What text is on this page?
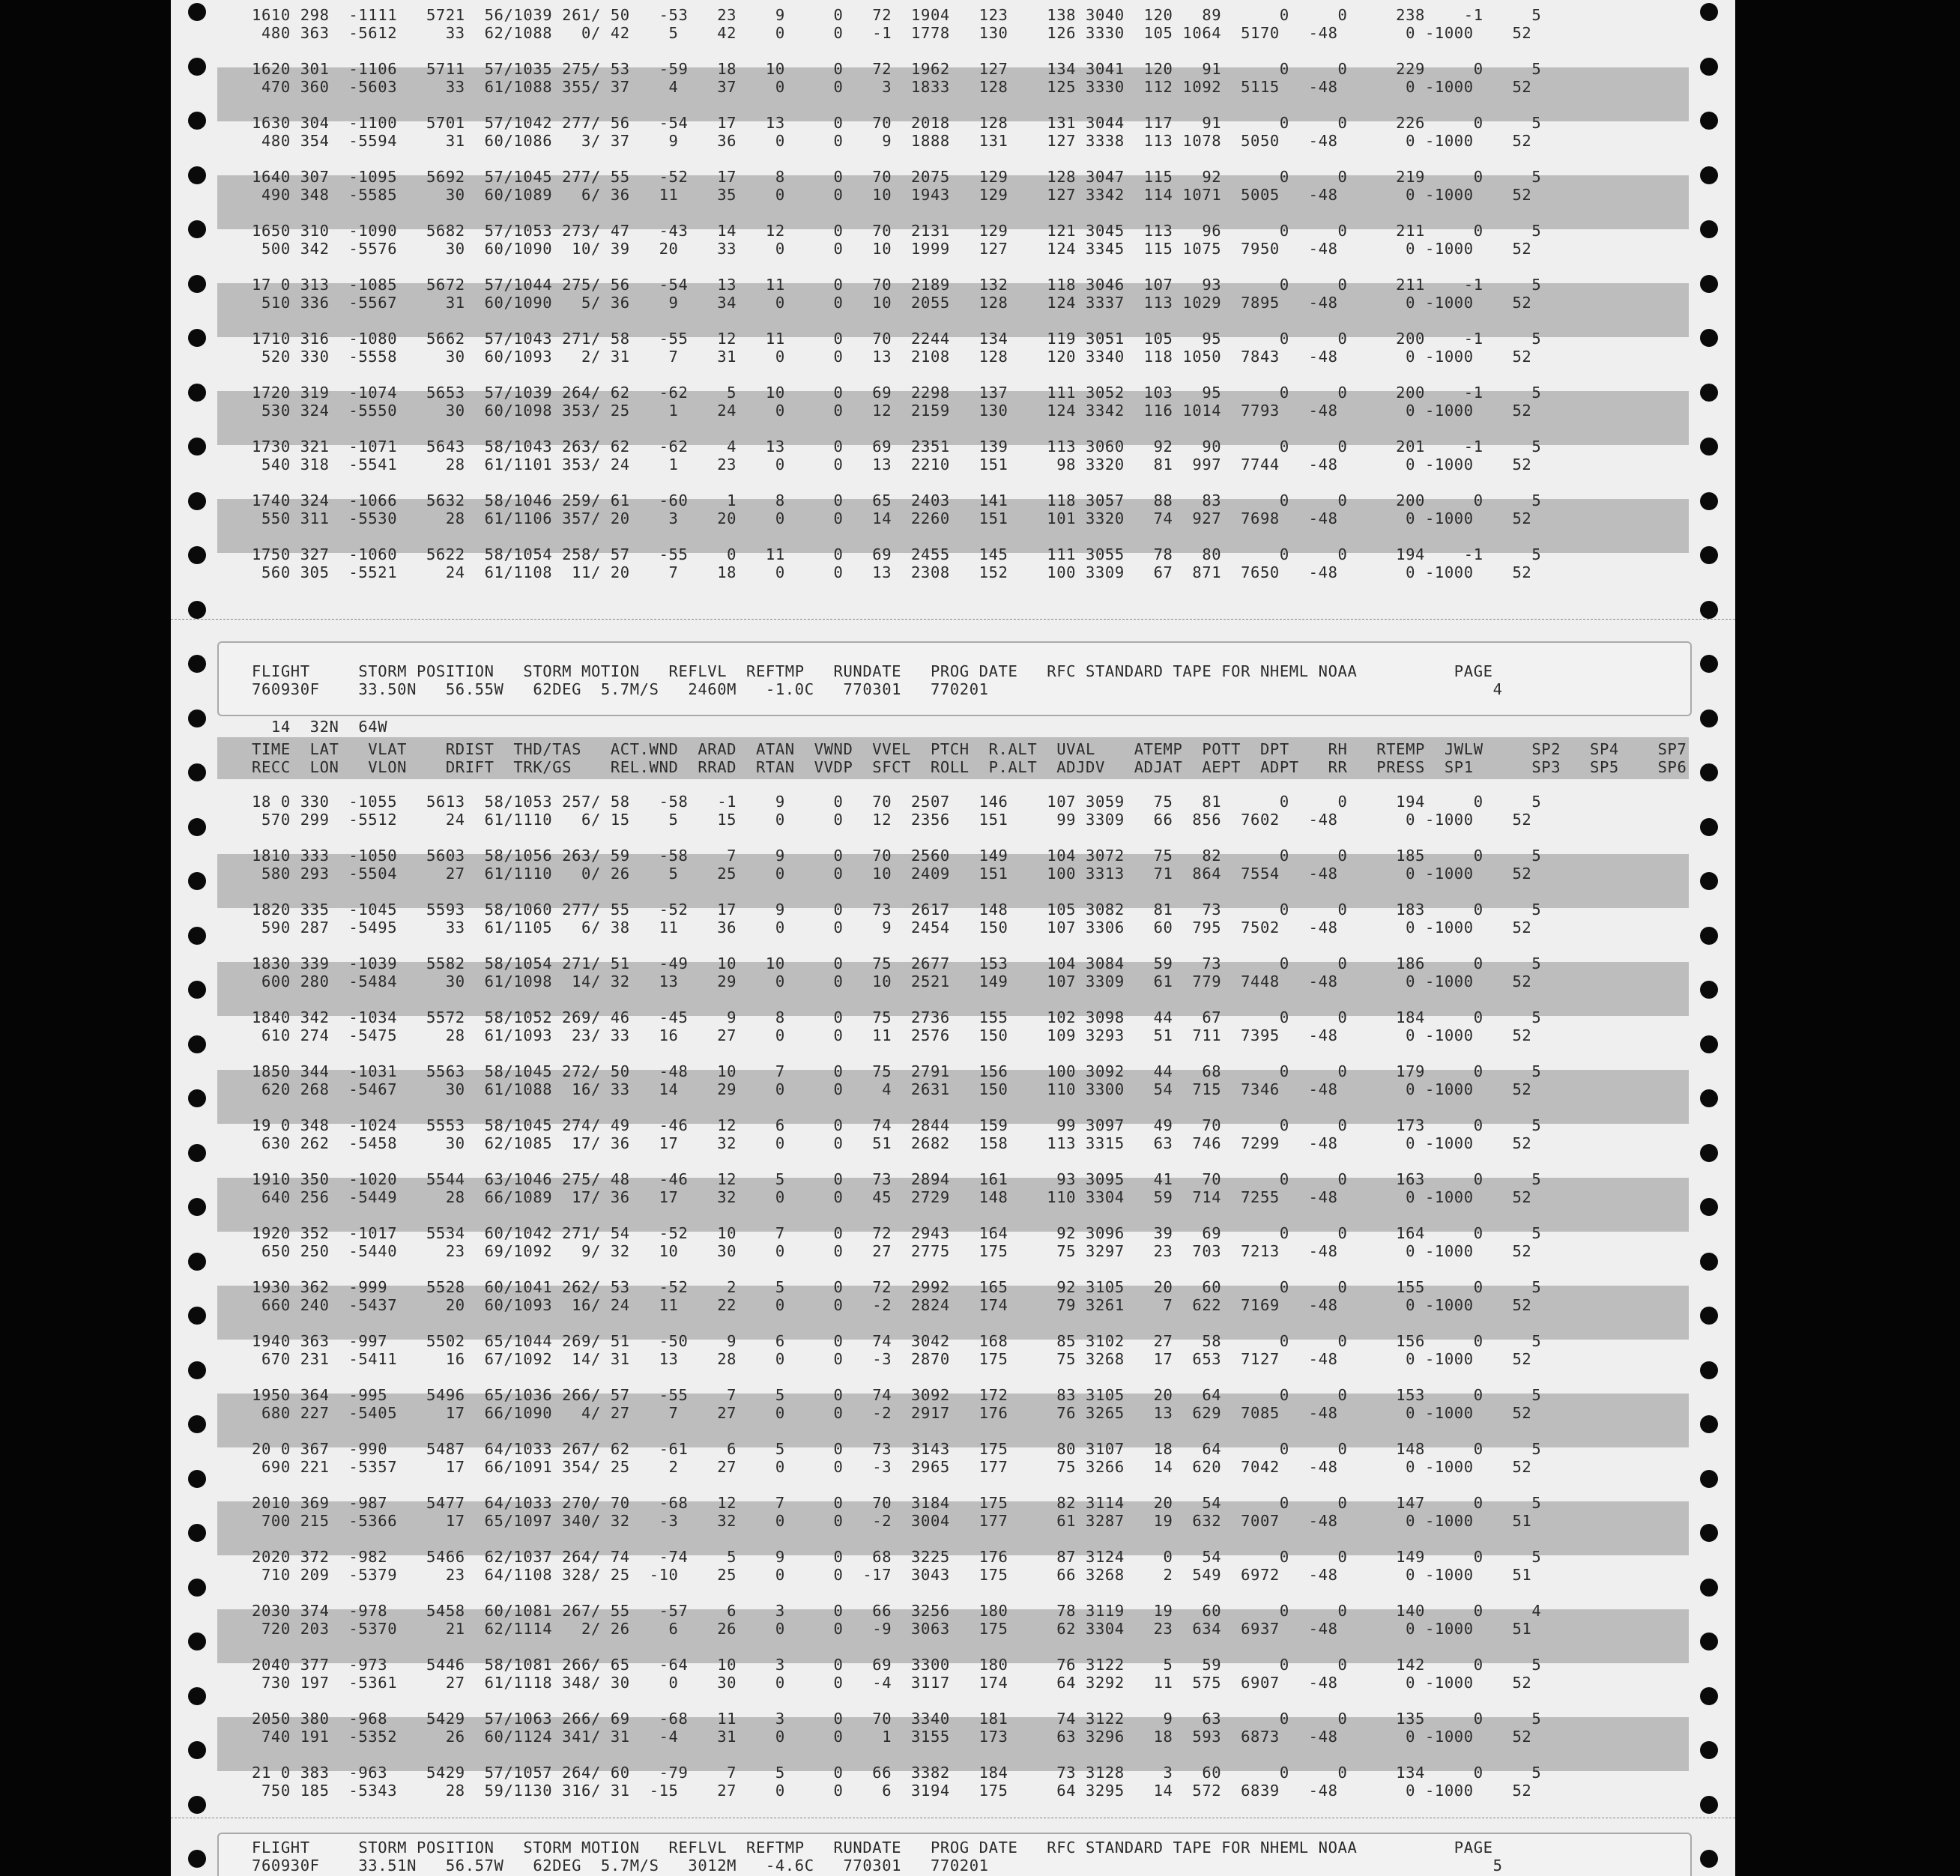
1610 298  -1111   5721  56/1039 261/ 50   -53   23    9     0   72  1904   123    138 3040  120   89      0     0     238    -1     5
480 363  -5612     33  62/1088   0/ 42    5    42    0     0   -1  1778   130    126 3330  105 1064  5170   -48       0 -1000    52
1620 301  -1106   5711  57/1035 275/ 53   -59   18   10     0   72  1962   127    134 3041  120   91      0     0     229     0     5
470 360  -5603     33  61/1088 355/ 37    4    37    0     0    3  1833   128    125 3330  112 1092  5115   -48       0 -1000    52
1630 304  -1100   5701  57/1042 277/ 56   -54   17   13     0   70  2018   128    131 3044  117   91      0     0     226     0     5
480 354  -5594     31  60/1086   3/ 37    9    36    0     0    9  1888   131    127 3338  113 1078  5050   -48       0 -1000    52
1640 307  -1095   5692  57/1045 277/ 55   -52   17    8     0   70  2075   129    128 3047  115   92      0     0     219     0     5
490 348  -5585     30  60/1089   6/ 36   11    35    0     0   10  1943   129    127 3342  114 1071  5005   -48       0 -1000    52
1650 310  -1090   5682  57/1053 273/ 47   -43   14   12     0   70  2131   129    121 3045  113   96      0     0     211     0     5
500 342  -5576     30  60/1090  10/ 39   20    33    0     0   10  1999   127    124 3345  115 1075  7950   -48       0 -1000    52
17 0 313  -1085   5672  57/1044 275/ 56   -54   13   11     0   70  2189   132    118 3046  107   93      0     0     211    -1     5
510 336  -5567     31  60/1090   5/ 36    9    34    0     0   10  2055   128    124 3337  113 1029  7895   -48       0 -1000    52
1710 316  -1080   5662  57/1043 271/ 58   -55   12   11     0   70  2244   134    119 3051  105   95      0     0     200    -1     5
520 330  -5558     30  60/1093   2/ 31    7    31    0     0   13  2108   128    120 3340  118 1050  7843   -48       0 -1000    52
1720 319  -1074   5653  57/1039 264/ 62   -62    5   10     0   69  2298   137    111 3052  103   95      0     0     200    -1     5
530 324  -5550     30  60/1098 353/ 25    1    24    0     0   12  2159   130    124 3342  116 1014  7793   -48       0 -1000    52
1730 321  -1071   5643  58/1043 263/ 62   -62    4   13     0   69  2351   139    113 3060   92   90      0     0     201    -1     5
540 318  -5541     28  61/1101 353/ 24    1    23    0     0   13  2210   151     98 3320   81  997  7744   -48       0 -1000    52
1740 324  -1066   5632  58/1046 259/ 61   -60    1    8     0   65  2403   141    118 3057   88   83      0     0     200     0     5
550 311  -5530     28  61/1106 357/ 20    3    20    0     0   14  2260   151    101 3320   74  927  7698   -48       0 -1000    52
1750 327  -1060   5622  58/1054 258/ 57   -55    0   11     0   69  2455   145    111 3055   78   80      0     0     194    -1     5
560 305  -5521     24  61/1108  11/ 20    7    18    0     0   13  2308   152    100 3309   67  871  7650   -48       0 -1000    52
FLIGHT     STORM POSITION   STORM MOTION   REFLVL  REFTMP   RUNDATE   PROG DATE   RFC STANDARD TAPE FOR NHEML NOAA          PAGE
760930F    33.50N   56.55W   62DEG  5.7M/S   2460M   -1.0C   770301   770201                                                    4
14  32N  64W
TIME  LAT   VLAT    RDIST  THD/TAS   ACT.WND  ARAD  ATAN  VWND  VVEL  PTCH  R.ALT  UVAL    ATEMP  POTT  DPT    RH   RTEMP  JWLW     SP2   SP4    SP7
RECC  LON   VLON    DRIFT  TRK/GS    REL.WND  RRAD  RTAN  VVDP  SFCT  ROLL  P.ALT  ADJDV   ADJAT  AEPT  ADPT   RR   PRESS  SP1      SP3   SP5    SP6
18 0 330  -1055   5613  58/1053 257/ 58   -58   -1    9     0   70  2507   146    107 3059   75   81      0     0     194     0     5
570 299  -5512     24  61/1110   6/ 15    5    15    0     0   12  2356   151     99 3309   66  856  7602   -48       0 -1000    52
1810 333  -1050   5603  58/1056 263/ 59   -58    7    9     0   70  2560   149    104 3072   75   82      0     0     185     0     5
580 293  -5504     27  61/1110   0/ 26    5    25    0     0   10  2409   151    100 3313   71  864  7554   -48       0 -1000    52
1820 335  -1045   5593  58/1060 277/ 55   -52   17    9     0   73  2617   148    105 3082   81   73      0     0     183     0     5
590 287  -5495     33  61/1105   6/ 38   11    36    0     0    9  2454   150    107 3306   60  795  7502   -48       0 -1000    52
1830 339  -1039   5582  58/1054 271/ 51   -49   10   10     0   75  2677   153    104 3084   59   73      0     0     186     0     5
600 280  -5484     30  61/1098  14/ 32   13    29    0     0   10  2521   149    107 3309   61  779  7448   -48       0 -1000    52
1840 342  -1034   5572  58/1052 269/ 46   -45    9    8     0   75  2736   155    102 3098   44   67      0     0     184     0     5
610 274  -5475     28  61/1093  23/ 33   16    27    0     0   11  2576   150    109 3293   51  711  7395   -48       0 -1000    52
1850 344  -1031   5563  58/1045 272/ 50   -48   10    7     0   75  2791   156    100 3092   44   68      0     0     179     0     5
620 268  -5467     30  61/1088  16/ 33   14    29    0     0    4  2631   150    110 3300   54  715  7346   -48       0 -1000    52
19 0 348  -1024   5553  58/1045 274/ 49   -46   12    6     0   74  2844   159     99 3097   49   70      0     0     173     0     5
630 262  -5458     30  62/1085  17/ 36   17    32    0     0   51  2682   158    113 3315   63  746  7299   -48       0 -1000    52
1910 350  -1020   5544  63/1046 275/ 48   -46   12    5     0   73  2894   161     93 3095   41   70      0     0     163     0     5
640 256  -5449     28  66/1089  17/ 36   17    32    0     0   45  2729   148    110 3304   59  714  7255   -48       0 -1000    52
1920 352  -1017   5534  60/1042 271/ 54   -52   10    7     0   72  2943   164     92 3096   39   69      0     0     164     0     5
650 250  -5440     23  69/1092   9/ 32   10    30    0     0   27  2775   175     75 3297   23  703  7213   -48       0 -1000    52
1930 362  -999    5528  60/1041 262/ 53   -52    2    5     0   72  2992   165     92 3105   20   60      0     0     155     0     5
660 240  -5437     20  60/1093  16/ 24   11    22    0     0   -2  2824   174     79 3261    7  622  7169   -48       0 -1000    52
1940 363  -997    5502  65/1044 269/ 51   -50    9    6     0   74  3042   168     85 3102   27   58      0     0     156     0     5
670 231  -5411     16  67/1092  14/ 31   13    28    0     0   -3  2870   175     75 3268   17  653  7127   -48       0 -1000    52
1950 364  -995    5496  65/1036 266/ 57   -55    7    5     0   74  3092   172     83 3105   20   64      0     0     153     0     5
680 227  -5405     17  66/1090   4/ 27    7    27    0     0   -2  2917   176     76 3265   13  629  7085   -48       0 -1000    52
20 0 367  -990    5487  64/1033 267/ 62   -61    6    5     0   73  3143   175     80 3107   18   64      0     0     148     0     5
690 221  -5357     17  66/1091 354/ 25    2    27    0     0   -3  2965   177     75 3266   14  620  7042   -48       0 -1000    52
2010 369  -987    5477  64/1033 270/ 70   -68   12    7     0   70  3184   175     82 3114   20   54      0     0     147     0     5
700 215  -5366     17  65/1097 340/ 32   -3    32    0     0   -2  3004   177     61 3287   19  632  7007   -48       0 -1000    51
2020 372  -982    5466  62/1037 264/ 74   -74    5    9     0   68  3225   176     87 3124    0   54      0     0     149     0     5
710 209  -5379     23  64/1108 328/ 25  -10    25    0     0  -17  3043   175     66 3268    2  549  6972   -48       0 -1000    51
2030 374  -978    5458  60/1081 267/ 55   -57    6    3     0   66  3256   180     78 3119   19   60      0     0     140     0     4
720 203  -5370     21  62/1114   2/ 26    6    26    0     0   -9  3063   175     62 3304   23  634  6937   -48       0 -1000    51
2040 377  -973    5446  58/1081 266/ 65   -64   10    3     0   69  3300   180     76 3122    5   59      0     0     142     0     5
730 197  -5361     27  61/1118 348/ 30    0    30    0     0   -4  3117   174     64 3292   11  575  6907   -48       0 -1000    52
2050 380  -968    5429  57/1063 266/ 69   -68   11    3     0   70  3340   181     74 3122    9   63      0     0     135     0     5
740 191  -5352     26  60/1124 341/ 31   -4    31    0     0    1  3155   173     63 3296   18  593  6873   -48       0 -1000    52
21 0 383  -963    5429  57/1057 264/ 60   -79    7    5     0   66  3382   184     73 3128    3   60      0     0     134     0     5
750 185  -5343     28  59/1130 316/ 31  -15    27    0     0    6  3194   175     64 3295   14  572  6839   -48       0 -1000    52
FLIGHT     STORM POSITION   STORM MOTION   REFLVL  REFTMP   RUNDATE   PROG DATE   RFC STANDARD TAPE FOR NHEML NOAA          PAGE
760930F    33.51N   56.57W   62DEG  5.7M/S   3012M   -4.6C   770301   770201                                                    5
